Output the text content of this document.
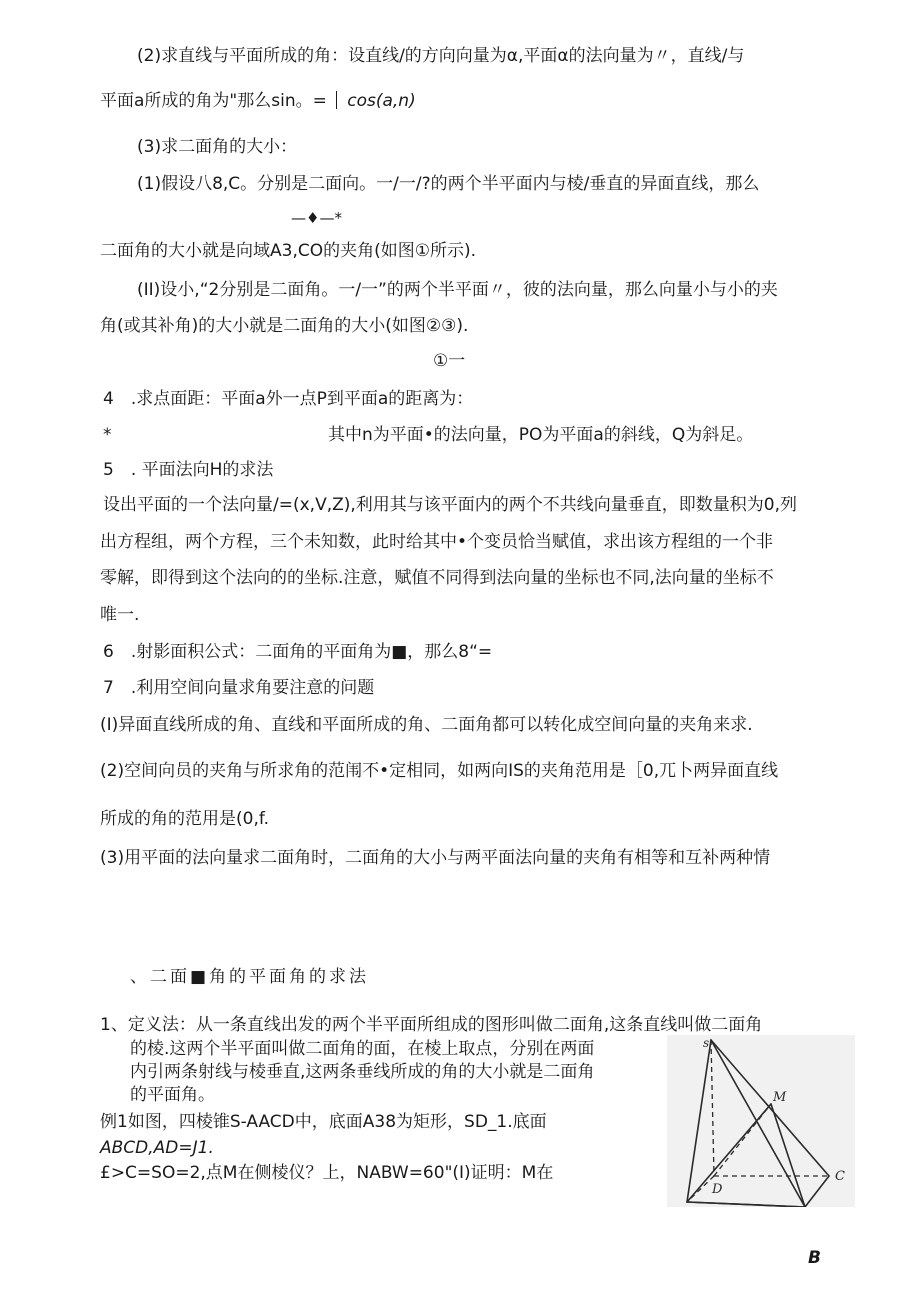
(2)求直线与平面所成的角：设直线/的方向向量为α,平面α的法向量为〃，直线/与
平面a所成的角为"那么sin。= cos(a,n)
(3)求二面角的大小：
(1)假设八8,C。分别是二面向。一/一/?的两个半平面内与棱/垂直的异面直线，那么
—♦—*
二面角的大小就是向域A3,CO的夹角(如图①所示).
(II)设小,“2分别是二面角。一/一”的两个半平面〃，彼的法向量，那么向量小与小的夹
角(或其补角)的大小就是二面角的大小(如图②③).
①一
4　.求点面距：平面a外一点P到平面a的距离为：
*	其中n为平面•的法向量，PO为平面a的斜线，Q为斜足。
5　. 平面法向H的求法
设出平面的一个法向量/=(x,V,Z),利用其与该平面内的两个不共线向量垂直，即数量积为0,列
出方程组，两个方程，三个未知数，此时给其中•个变员恰当赋值，求出该方程组的一个非
零解，即得到这个法向的的坐标.注意，赋值不同得到法向量的坐标也不同,法向量的坐标不
唯一.
6　.射影面积公式：二面角的平面角为■，那么8“=
7　.利用空间向量求角要注意的问题
(I)异面直线所成的角、直线和平面所成的角、二面角都可以转化成空间向量的夹角来求.
(2)空间向员的夹角与所求角的范闱不•定相同，如两向IS的夹角范用是［0,兀卜两异面直线
所成的角的范用是(0,f.
(3)用平面的法向量求二面角时，二面角的大小与两平面法向量的夹角有相等和互补两种情
、二面■角的平面角的求法
1、定义法：从一条直线出发的两个半平面所组成的图形叫做二面角,这条直线叫做二面角
的棱.这两个半平面叫做二面角的面，在棱上取点，分别在两面
内引两条射线与棱垂直,这两条垂线所成的角的大小就是二面角
的平面角。
例1如图，四棱锥S-AACD中，底面A38为矩形，SD_1.底面
ABCD,AD=J1.
£>C=SO=2,点M在侧棱仪？上，NABW=60"(I)证明：M在
s
M
D
C
B
